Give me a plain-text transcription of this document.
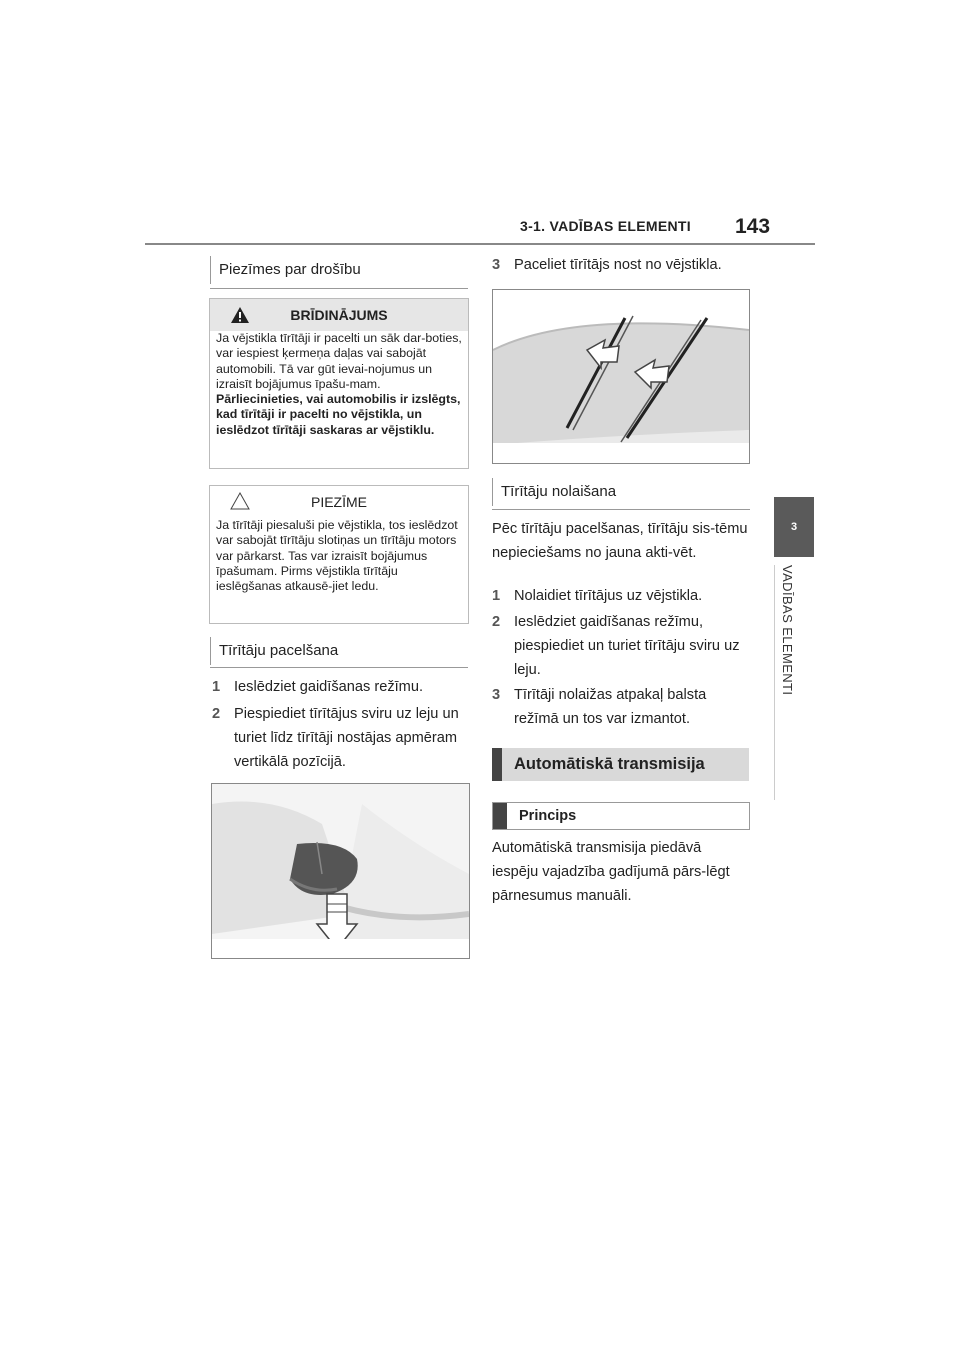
3-1. VADĪBAS ELEMENTI 143
3
VADĪBAS ELEMENTI
Piezīmes par drošību
BRĪDINĀJUMS
Ja vējstikla tīrītāji ir pacelti un sāk dar-boties, var iespiest ķermeņa daļas vai sabojāt automobili. Tā var gūt ievai-nojumus un izraisīt bojājumus īpašu-mam. Pārliecinieties, vai automobilis ir izslēgts, kad tīrītāji ir pacelti no vējstikla, un ieslēdzot tīrītāji saskaras ar vējstiklu.
PIEZĪME
Ja tīrītāji piesaluši pie vējstikla, tos ieslēdzot var sabojāt tīrītāju slotiņas un tīrītāju motors var pārkarst. Tas var izraisīt bojājumus īpašumam. Pirms vējstikla tīrītāju ieslēgšanas atkausē-jiet ledu.
Tīrītāju pacelšana
1 Ieslēdziet gaidīšanas režīmu.
2 Piespiediet tīrītājus sviru uz leju un turiet līdz tīrītāji nostājas apmēram vertikālā pozīcijā.
3 Paceliet tīrītājs nost no vējstikla.
Tīrītāju nolaišana
Pēc tīrītāju pacelšanas, tīrītāju sis-tēmu nepieciešams no jauna akti-vēt.
1 Nolaidiet tīrītājus uz vējstikla.
2 Ieslēdziet gaidīšanas režīmu, piespiediet un turiet tīrītāju sviru uz leju.
3 Tīrītāji nolaižas atpakaļ balsta režīmā un tos var izmantot.
Automātiskā transmisija
Princips
Automātiskā transmisija piedāvā iespēju vajadzība gadījumā pārs-lēgt pārnesumus manuāli.
